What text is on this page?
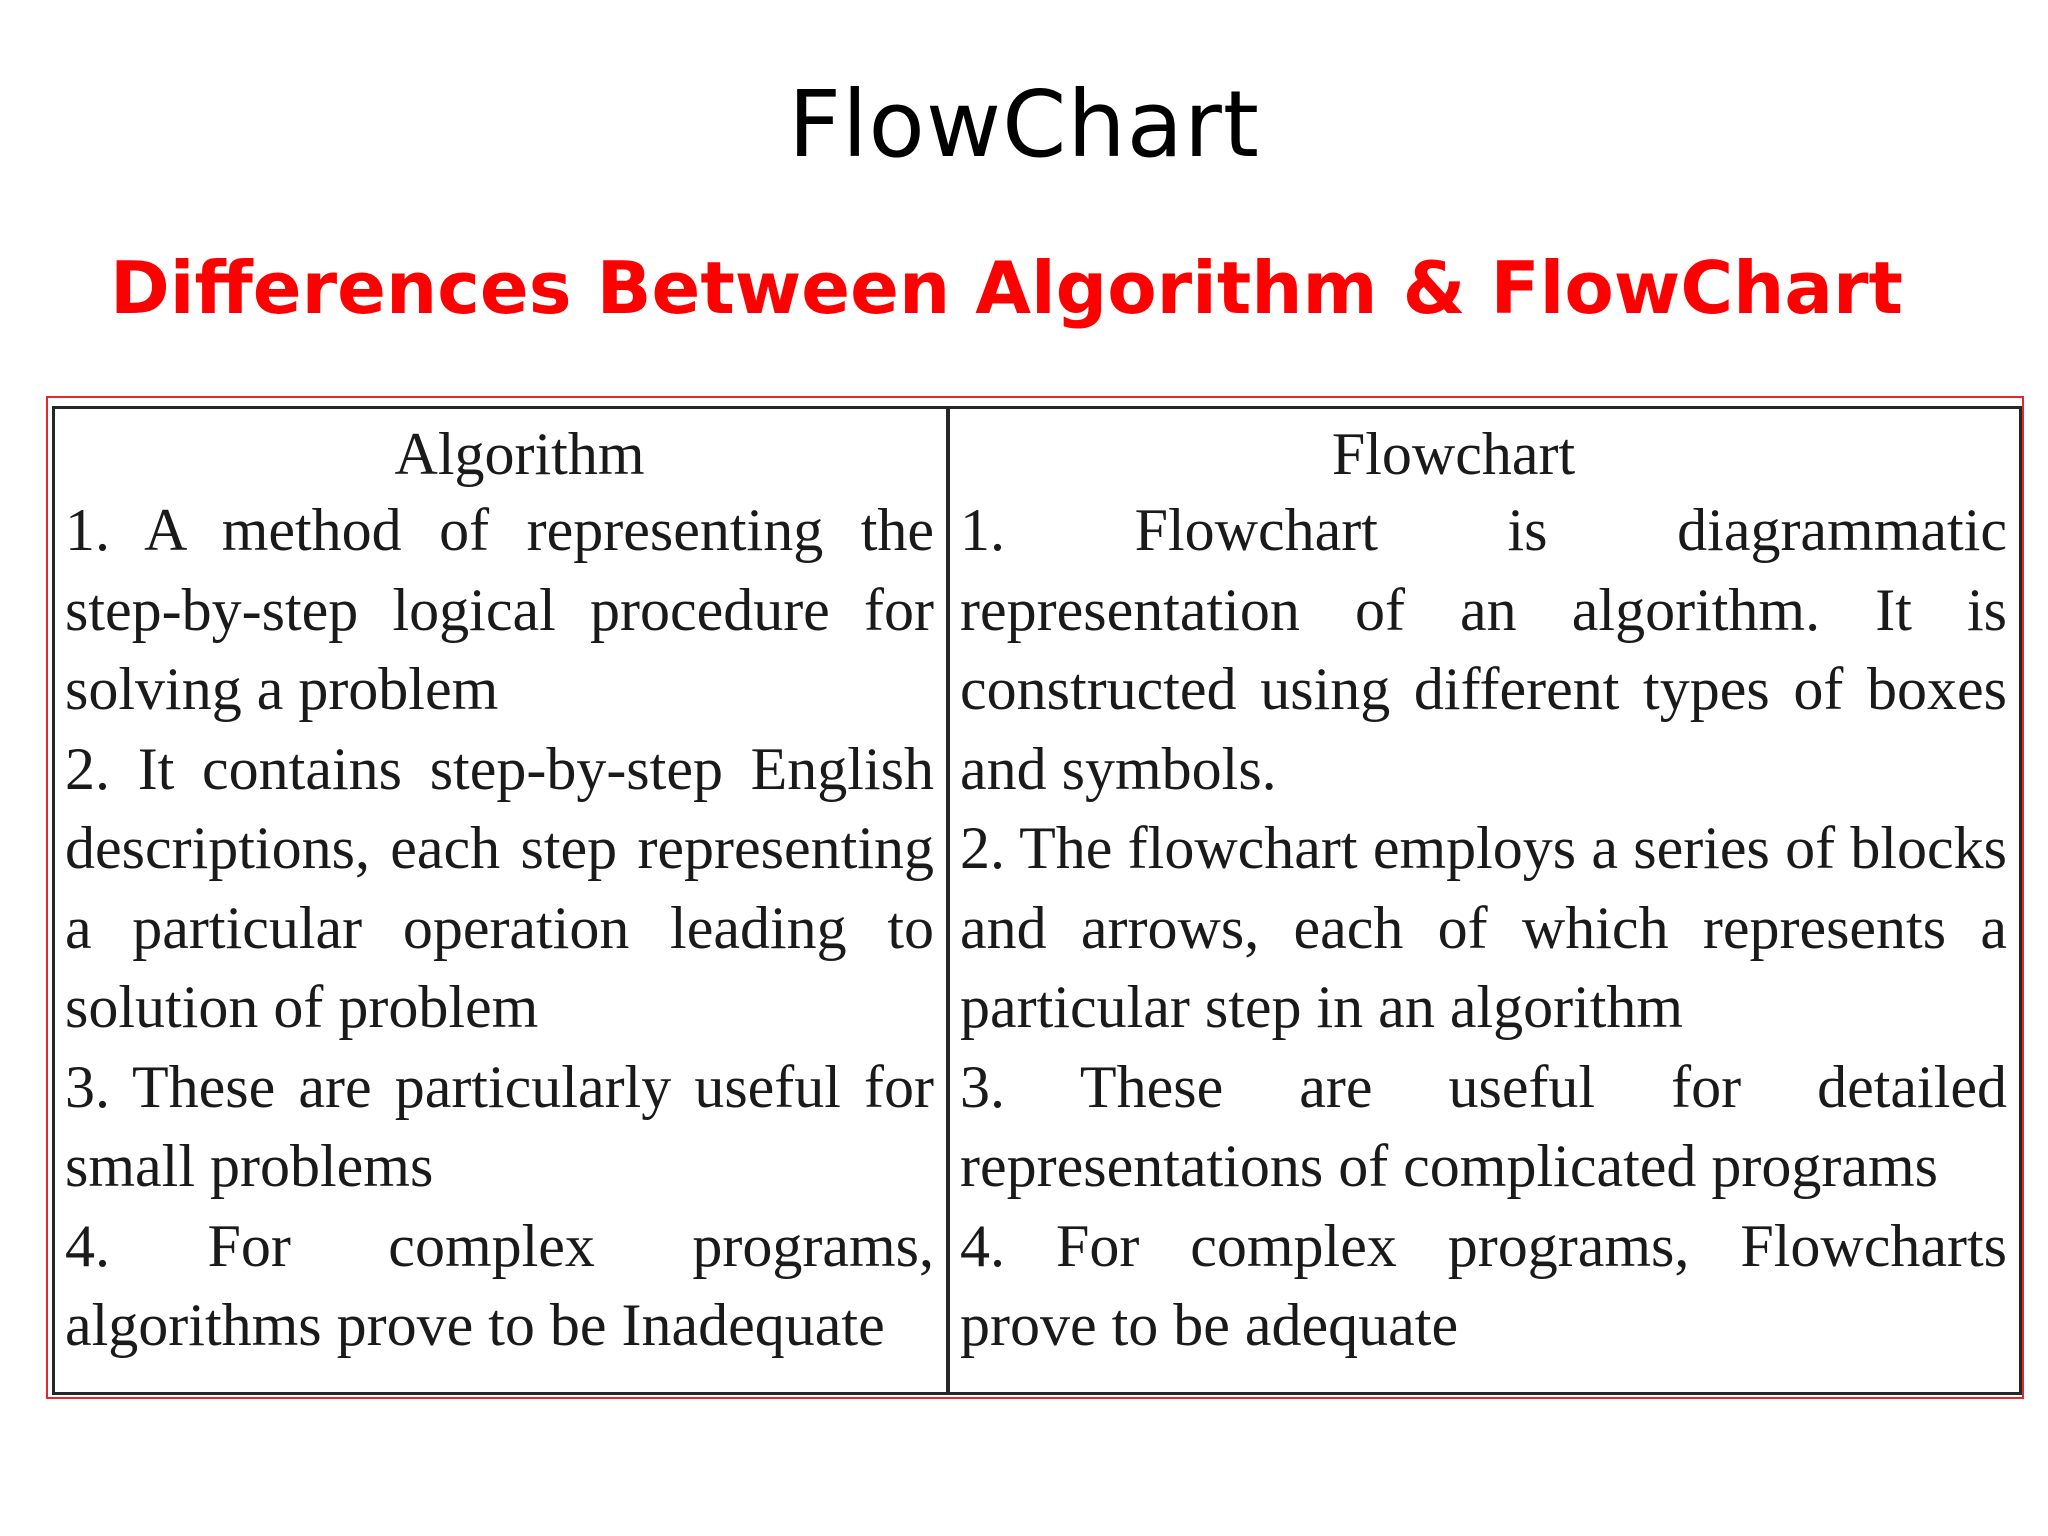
FlowChart
Differences Between Algorithm & FlowChart
Algorithm

1. A method of representing the step-by-step logical procedure for solving a problem

2. It contains step-by-step English descriptions, each step representing a particular operation leading to solution of problem

3. These are particularly useful for small problems

4. For complex programs, algorithms prove to be Inadequate

Flowchart

1. Flowchart is diagrammatic representation of an algorithm. It is constructed using different types of boxes and symbols.

2. The flowchart employs a series of blocks and arrows, each of which represents a particular step in an algorithm

3. These are useful for detailed representations of complicated programs

4. For complex programs, Flowcharts prove to be adequate
